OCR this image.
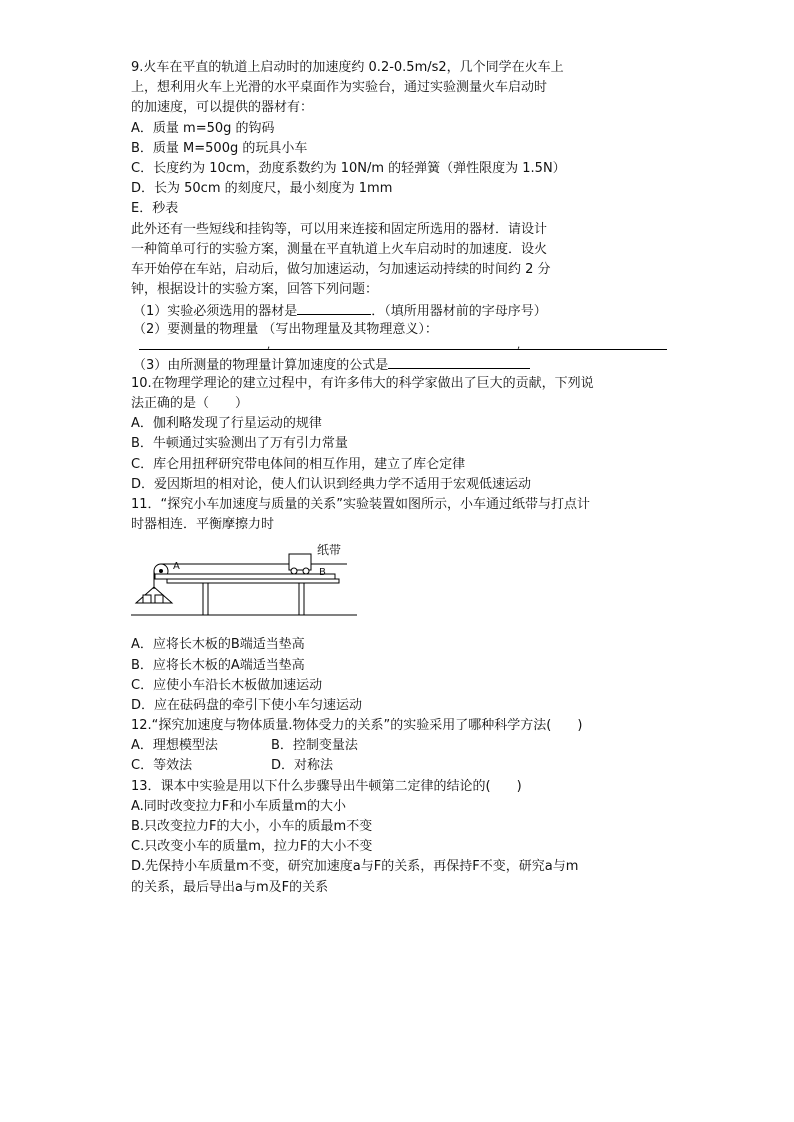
9.火车在平直的轨道上启动时的加速度约 0.2-0.5m/s2，几个同学在火车上
上，想利用火车上光滑的水平桌面作为实验台，通过实验测量火车启动时
的加速度，可以提供的器材有：
A．质量 m=50g 的钩码
B．质量 M=500g 的玩具小车
C．长度约为 10cm，劲度系数约为 10N/m 的轻弹簧（弹性限度为 1.5N）
D．长为 50cm 的刻度尺，最小刻度为 1mm
E．秒表
此外还有一些短线和挂钩等，可以用来连接和固定所选用的器材．请设计
一种简单可行的实验方案，测量在平直轨道上火车启动时的加速度．设火
车开始停在车站，启动后，做匀加速运动，匀加速运动持续的时间约 2 分
钟，根据设计的实验方案，回答下列问题：
（1）实验必须选用的器材是	．（填所用器材前的字母序号）
（2）要测量的物理量 （写出物理量及其物理意义）：
,	,
（3）由所测量的物理量计算加速度的公式是
10.在物理学理论的建立过程中，有许多伟大的科学家做出了巨大的贡献，下列说
法正确的是（　　）
A．伽利略发现了行星运动的规律
B．牛顿通过实验测出了万有引力常量
C．库仑用扭秤研究带电体间的相互作用，建立了库仑定律
D．爱因斯坦的相对论，使人们认识到经典力学不适用于宏观低速运动
11．“探究小车加速度与质量的关系”实验装置如图所示，小车通过纸带与打点计
时器相连．平衡摩擦力时
纸带
A
B
A．应将长木板的B端适当垫高
B．应将长木板的A端适当垫高
C．应使小车沿长木板做加速运动
D．应在砝码盘的牵引下使小车匀速运动
12.“探究加速度与物体质量.物体受力的关系”的实验采用了哪种科学方法(　　)
A．理想模型法	B．控制变量法
C．等效法	D．对称法
13．课本中实验是用以下什么步骤导出牛顿第二定律的结论的(　　)
A.同时改变拉力F和小车质量m的大小
B.只改变拉力F的大小，小车的质最m不变
C.只改变小车的质量m，拉力F的大小不变
D.先保持小车质量m不变，研究加速度a与F的关系，再保持F不变，研究a与m
的关系，最后导出a与m及F的关系
